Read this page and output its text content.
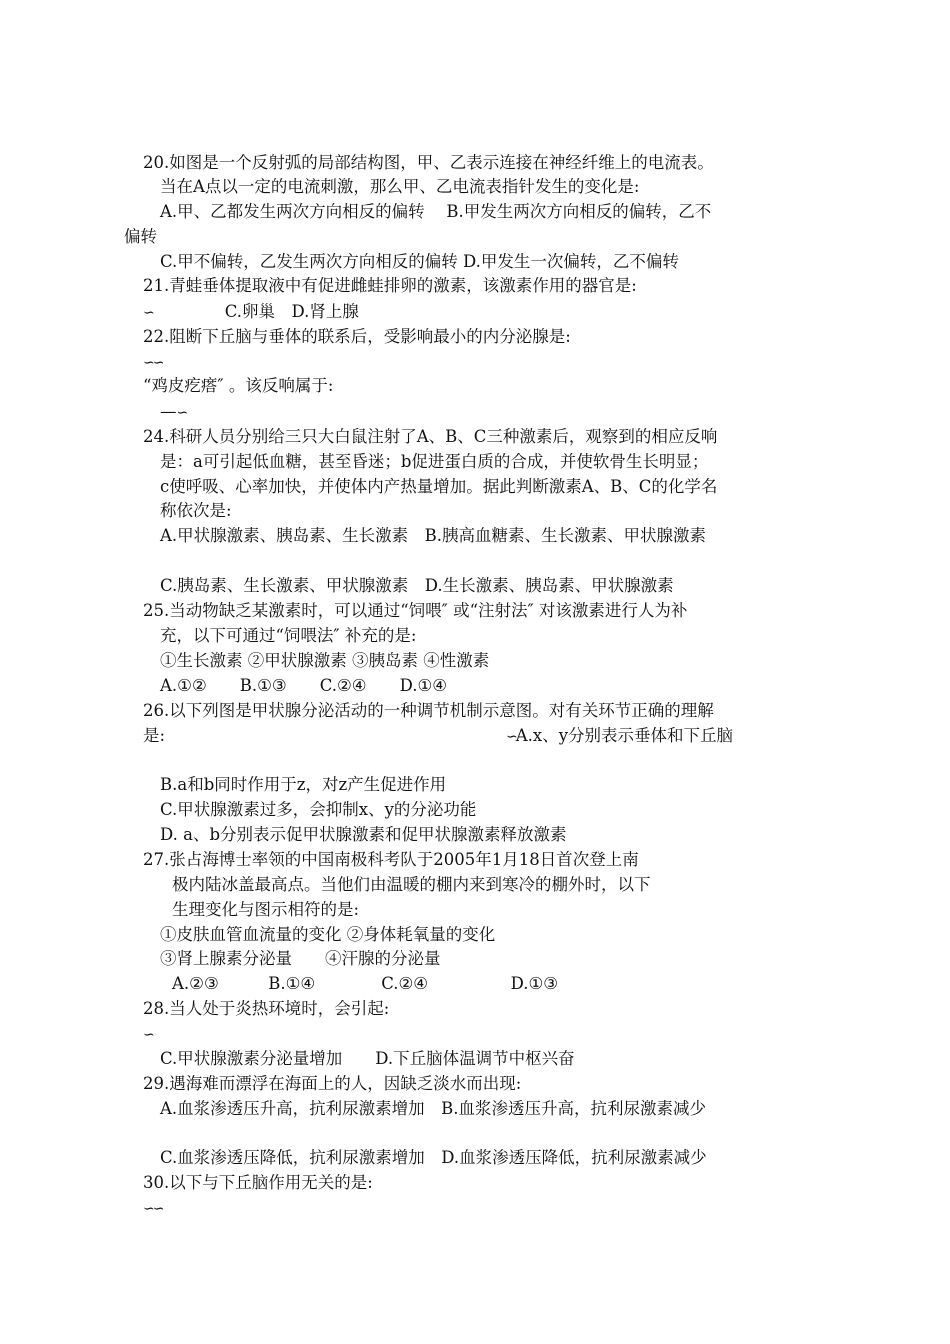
20.如图是一个反射弧的局部结构图，甲、乙表示连接在神经纤维上的电流表。
当在A点以一定的电流刺激，那么甲、乙电流表指针发生的变化是:
A.甲、乙都发生两次方向相反的偏转　 B.甲发生两次方向相反的偏转，乙不
偏转
C.甲不偏转，乙发生两次方向相反的偏转 D.甲发生一次偏转，乙不偏转
21.青蛙垂体提取液中有促进雌蛙排卵的激素，该激素作用的器官是:
∽	C.卵巢　D.肾上腺
22.阻断下丘脑与垂体的联系后，受影响最小的内分泌腺是:
∽∽
“鸡皮疙瘩″ 。该反响属于:
—∽
24.科研人员分别给三只大白鼠注射了A、B、C三种激素后，观察到的相应反响
是：a可引起低血糖，甚至昏迷；b促进蛋白质的合成，并使软骨生长明显；
c使呼吸、心率加快，并使体内产热量增加。据此判断激素A、B、C的化学名
称依次是:
A.甲状腺激素、胰岛素、生长激素　B.胰高血糖素、生长激素、甲状腺激素
C.胰岛素、生长激素、甲状腺激素　D.生长激素、胰岛素、甲状腺激素
25.当动物缺乏某激素时，可以通过“饲喂″ 或“注射法″ 对该激素进行人为补
充，以下可通过“饲喂法″ 补充的是:
①生长激素 ②甲状腺激素 ③胰岛素 ④性激素
A.①②　　B.①③　　C.②④　　D.①④
26.以下列图是甲状腺分泌活动的一种调节机制示意图。对有关环节正确的理解
是:	∽A.x、y分别表示垂体和下丘脑
B.a和b同时作用于z，对z产生促进作用
C.甲状腺激素过多，会抑制x、y的分泌功能
D. a、b分别表示促甲状腺激素和促甲状腺激素释放激素
27.张占海博士率领的中国南极科考队于2005年1月18日首次登上南
极内陆冰盖最高点。当他们由温暖的棚内来到寒冷的棚外时，以下
生理变化与图示相符的是:
①皮肤血管血流量的变化 ②身体耗氧量的变化
③肾上腺素分泌量　　④汗腺的分泌量
A.②③　　　B.①④　　　　C.②④　　　　　D.①③
28.当人处于炎热环境时，会引起:
∽
C.甲状腺激素分泌量增加　　D.下丘脑体温调节中枢兴奋
29.遇海难而漂浮在海面上的人，因缺乏淡水而出现:
A.血浆渗透压升高，抗利尿激素增加　B.血浆渗透压升高，抗利尿激素减少
C.血浆渗透压降低，抗利尿激素增加　D.血浆渗透压降低，抗利尿激素减少
30.以下与下丘脑作用无关的是:
∽∽
